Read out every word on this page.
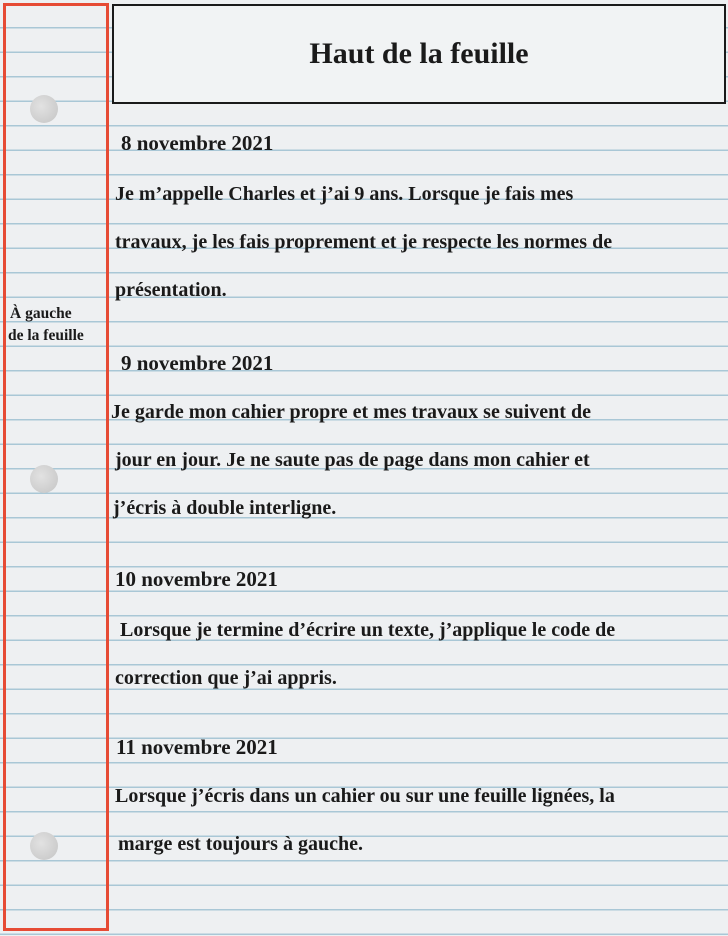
À gauche
de la feuille
Haut de la feuille
8 novembre 2021
Je m’appelle Charles et j’ai 9 ans. Lorsque je fais mes
travaux, je les fais proprement et je respecte les normes de
présentation.
9 novembre 2021
Je garde mon cahier propre et mes travaux se suivent de
jour en jour. Je ne saute pas de page dans mon cahier et
j’écris à double interligne.
10 novembre 2021
Lorsque je termine d’écrire un texte, j’applique le code de
correction que j’ai appris.
11 novembre 2021
Lorsque j’écris dans un cahier ou sur une feuille lignées, la
marge est toujours à gauche.
